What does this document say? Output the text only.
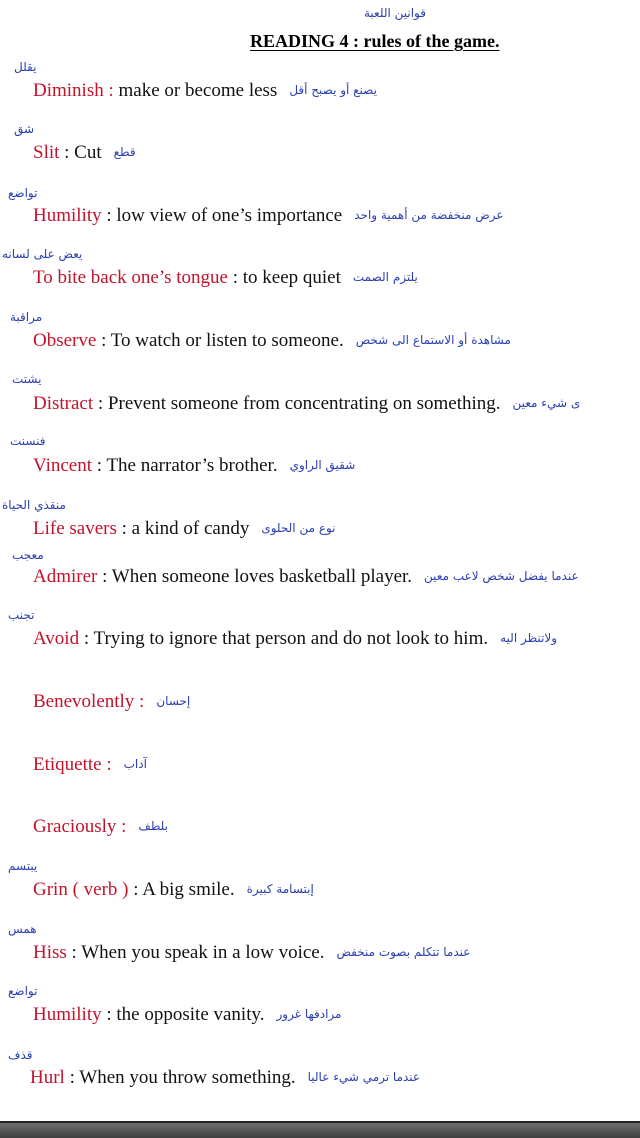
قوانين اللعبة
READING 4 : rules of the game.
يقلل
Diminish : make or become less يصنع أو يصبح أقل
شق
Slit : Cut قطع
تواضع
Humility : low view of one’s importance عرض منخفضة من أهمية واحد
يعض على لسانه
To bite back one’s tongue : to keep quiet يلتزم الصمت
مراقبة
Observe : To watch or listen to someone. مشاهدة أو الاستماع الى شخص
يشتت
Distract : Prevent someone from concentrating on something. ى شيء معين
فنسنت
Vincent : The narrator’s brother. شقيق الراوي
منقذي الحياة
Life savers : a kind of candy نوع من الحلوى
معجب
Admirer : When someone loves basketball player. عندما يفضل شخص لاعب معين
تجنب
Avoid : Trying to ignore that person and do not look to him. ولاتنظر اليه
Benevolently : إحسان
Etiquette : آداب
Graciously : بلطف
يبتسم
Grin ( verb ) : A big smile. إبتسامة كبيرة
همس
Hiss : When you speak in a low voice. عندما تتكلم بصوت منخفض
تواضع
Humility : the opposite vanity. مرادفها غرور
قذف
Hurl : When you throw something. عندما ترمي شيء عاليا
